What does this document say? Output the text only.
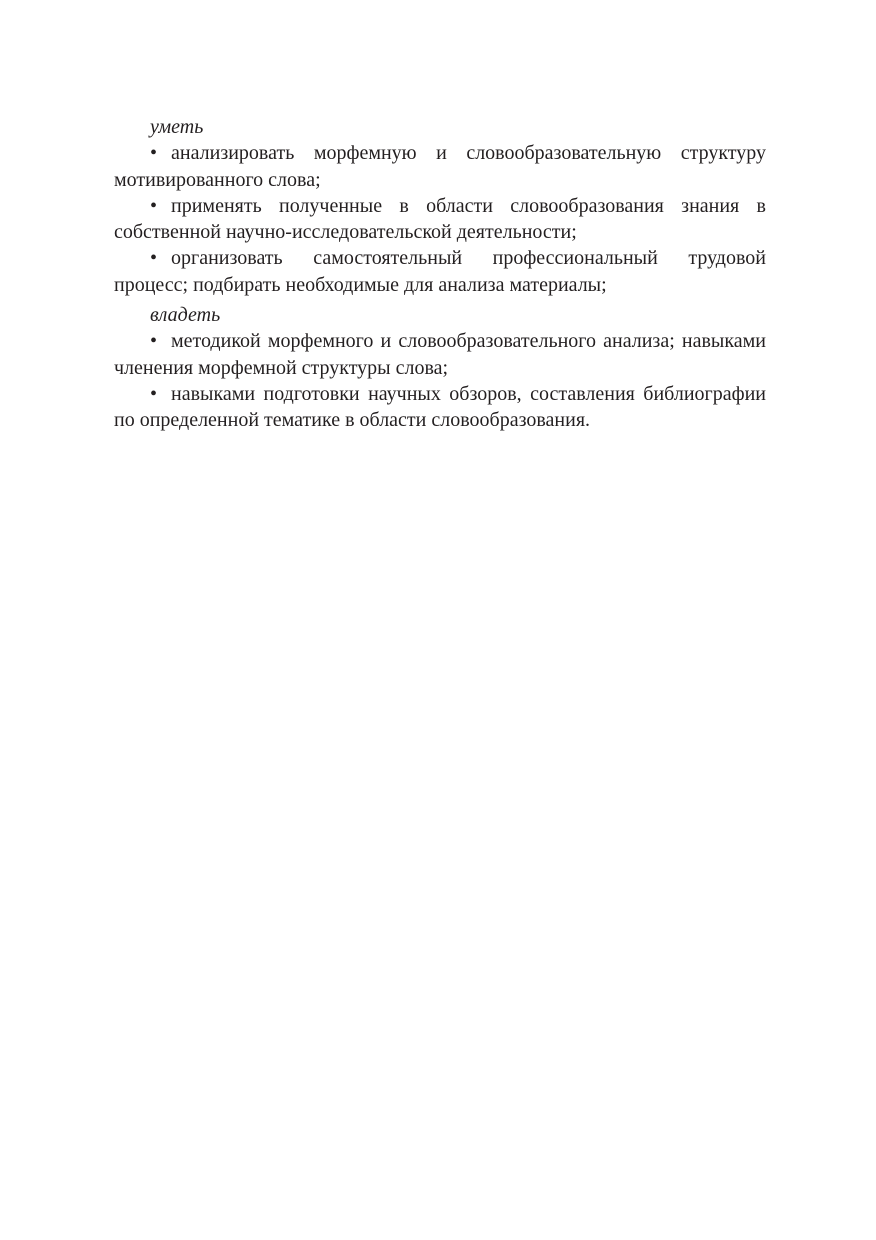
уметь

• анализировать морфемную и словообразовательную структуру мотивированного слова;

• применять полученные в области словообразования знания в собственной научно-исследовательской деятельности;

• организовать самостоятельный профессиональный трудовой процесс; подбирать необходимые для анализа материалы;

владеть

• методикой морфемного и словообразовательного анализа; навыками членения морфемной структуры слова;

• навыками подготовки научных обзоров, составления библиографии по определенной тематике в области словообразования.
